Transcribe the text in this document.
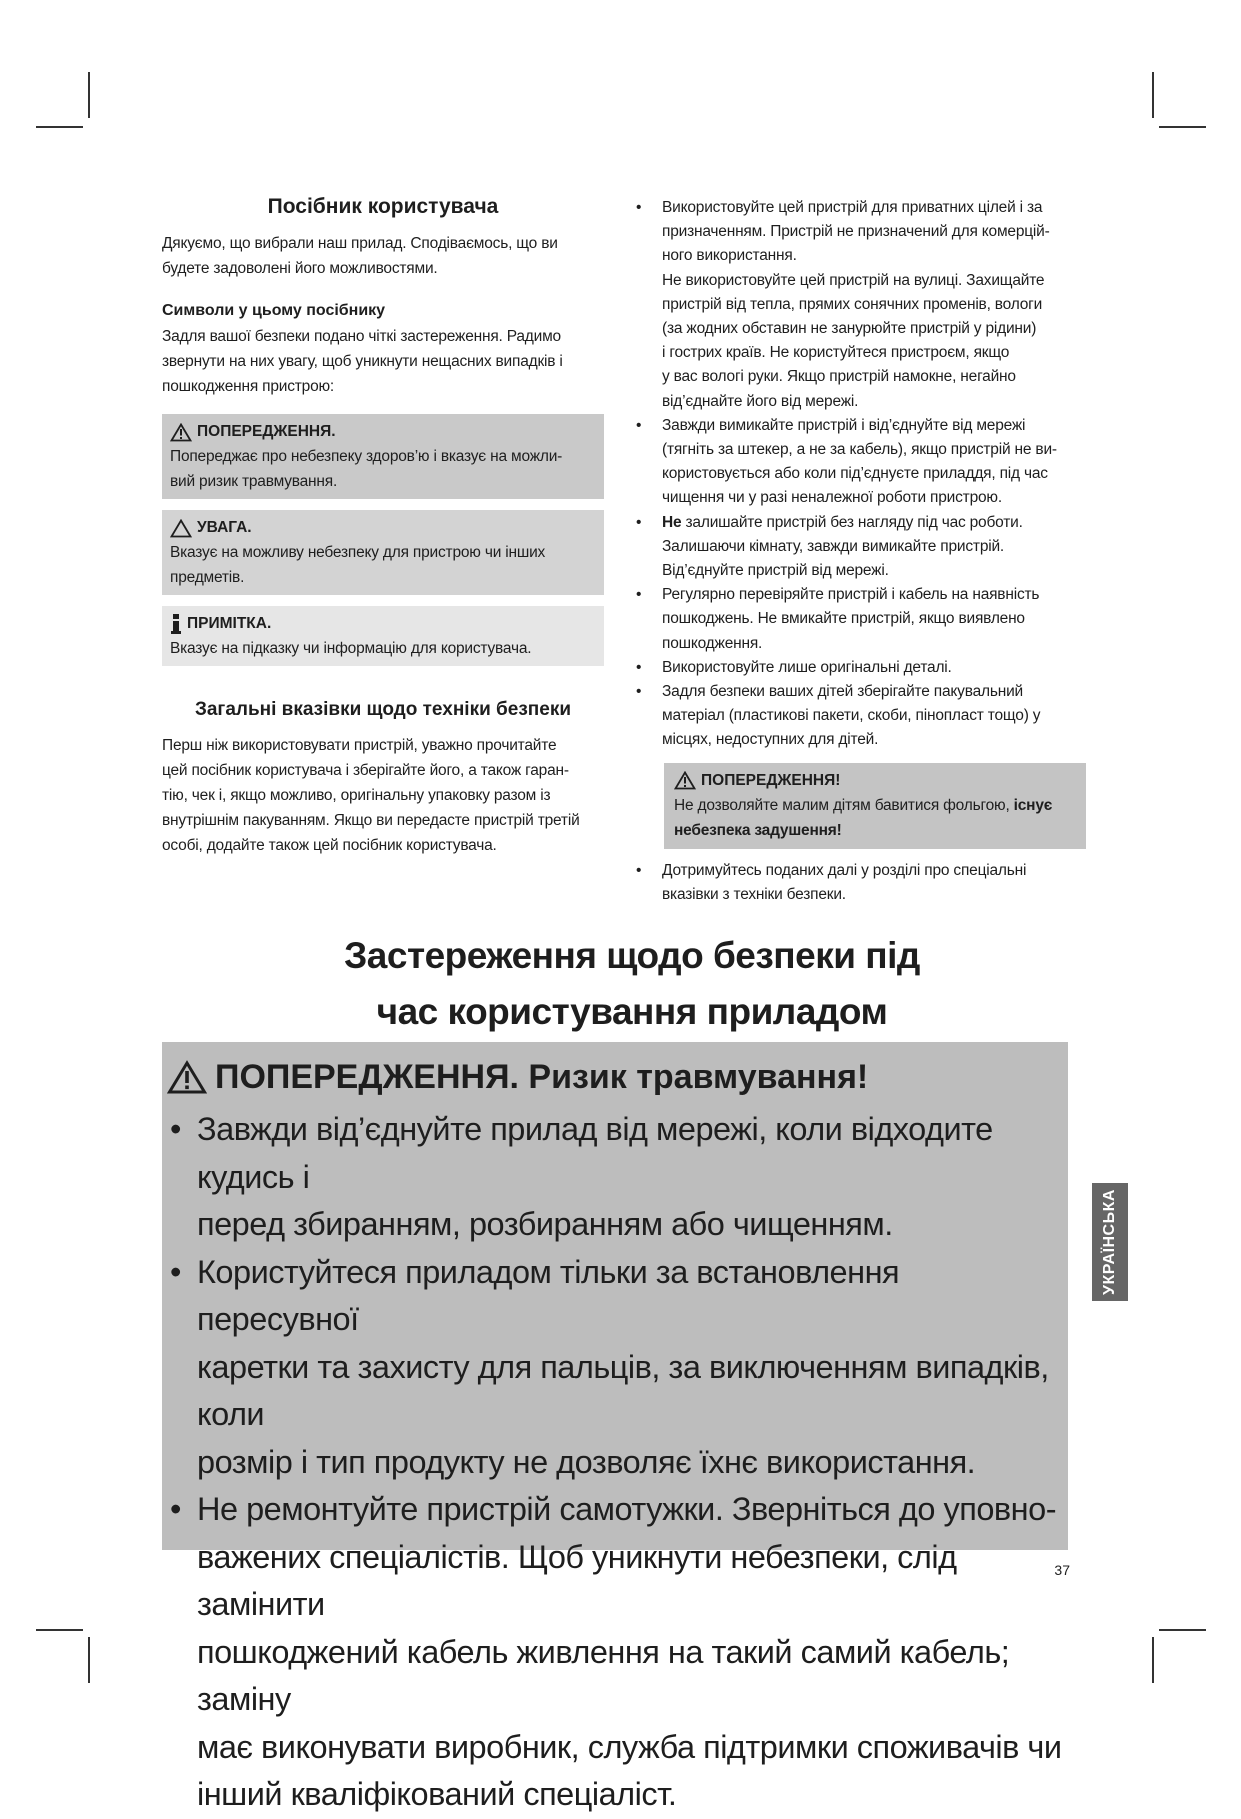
Посібник користувача

Дякуємо, що вибрали наш прилад. Сподіваємось, що ви

будете задоволені його можливостями.

Символи у цьому посібнику

Задля вашої безпеки подано чіткі застереження. Радимо

звернути на них увагу, щоб уникнути нещасних випадків і

пошкодження пристрою:

ПОПЕРЕДЖЕННЯ.

Попереджає про небезпеку здоров’ю і вказує на можли-

вий ризик травмування.

УВАГА.

Вказує на можливу небезпеку для пристрою чи інших

предметів.

ПРИМІТКА.

Вказує на підказку чи інформацію для користувача.

Загальні вказівки щодо техніки безпеки

Перш ніж використовувати пристрій, уважно прочитайте

цей посібник користувача і зберігайте його, а також гаран-

тію, чек і, якщо можливо, оригінальну упаковку разом із

внутрішнім пакуванням. Якщо ви передасте пристрій третій

особі, додайте також цей посібник користувача.

• Використовуйте цей пристрій для приватних цілей і за
призначенням. Пристрій не призначений для комерцій-
ного використання.
Не використовуйте цей пристрій на вулиці. Захищайте
пристрій від тепла, прямих сонячних променів, вологи
(за жодних обставин не занурюйте пристрій у рідини)
і гострих країв. Не користуйтеся пристроєм, якщо
у вас вологі руки. Якщо пристрій намокне, негайно
від’єднайте його від мережі.
• Завжди вимикайте пристрій і від’єднуйте від мережі
(тягніть за штекер, а не за кабель), якщо пристрій не ви-
користовується або коли під’єднуєте приладдя, під час
чищення чи у разі неналежної роботи пристрою.
• Не залишайте пристрій без нагляду під час роботи.
Залишаючи кімнату, завжди вимикайте пристрій.
Від’єднуйте пристрій від мережі.
• Регулярно перевіряйте пристрій і кабель на наявність
пошкоджень. Не вмикайте пристрій, якщо виявлено
пошкодження.
• Використовуйте лише оригінальні деталі.
• Задля безпеки ваших дітей зберігайте пакувальний
матеріал (пластикові пакети, скоби, пінопласт тощо) у
місцях, недоступних для дітей.
ПОПЕРЕДЖЕННЯ!

Не дозволяйте малим дітям бавитися фольгою, існує

небезпека задушення!

• Дотримуйтесь поданих далі у розділі про спеціальні
вказівки з техніки безпеки.
Застереження щодо безпеки під
час користування приладом
ПОПЕРЕДЖЕННЯ. Ризик травмування!
• Завжди від’єднуйте прилад від мережі, коли відходите кудись і
перед збиранням, розбиранням або чищенням.
• Користуйтеся приладом тільки за встановлення пересувної
каретки та захисту для пальців, за виключенням випадків, коли
розмір і тип продукту не дозволяє їхнє використання.
• Не ремонтуйте пристрій самотужки. Зверніться до уповно-
важених спеціалістів. Щоб уникнути небезпеки, слід замінити
пошкоджений кабель живлення на такий самий кабель; заміну
має виконувати виробник, служба підтримки споживачів чи
інший кваліфікований спеціаліст.
УКРАЇНСЬКА
37
